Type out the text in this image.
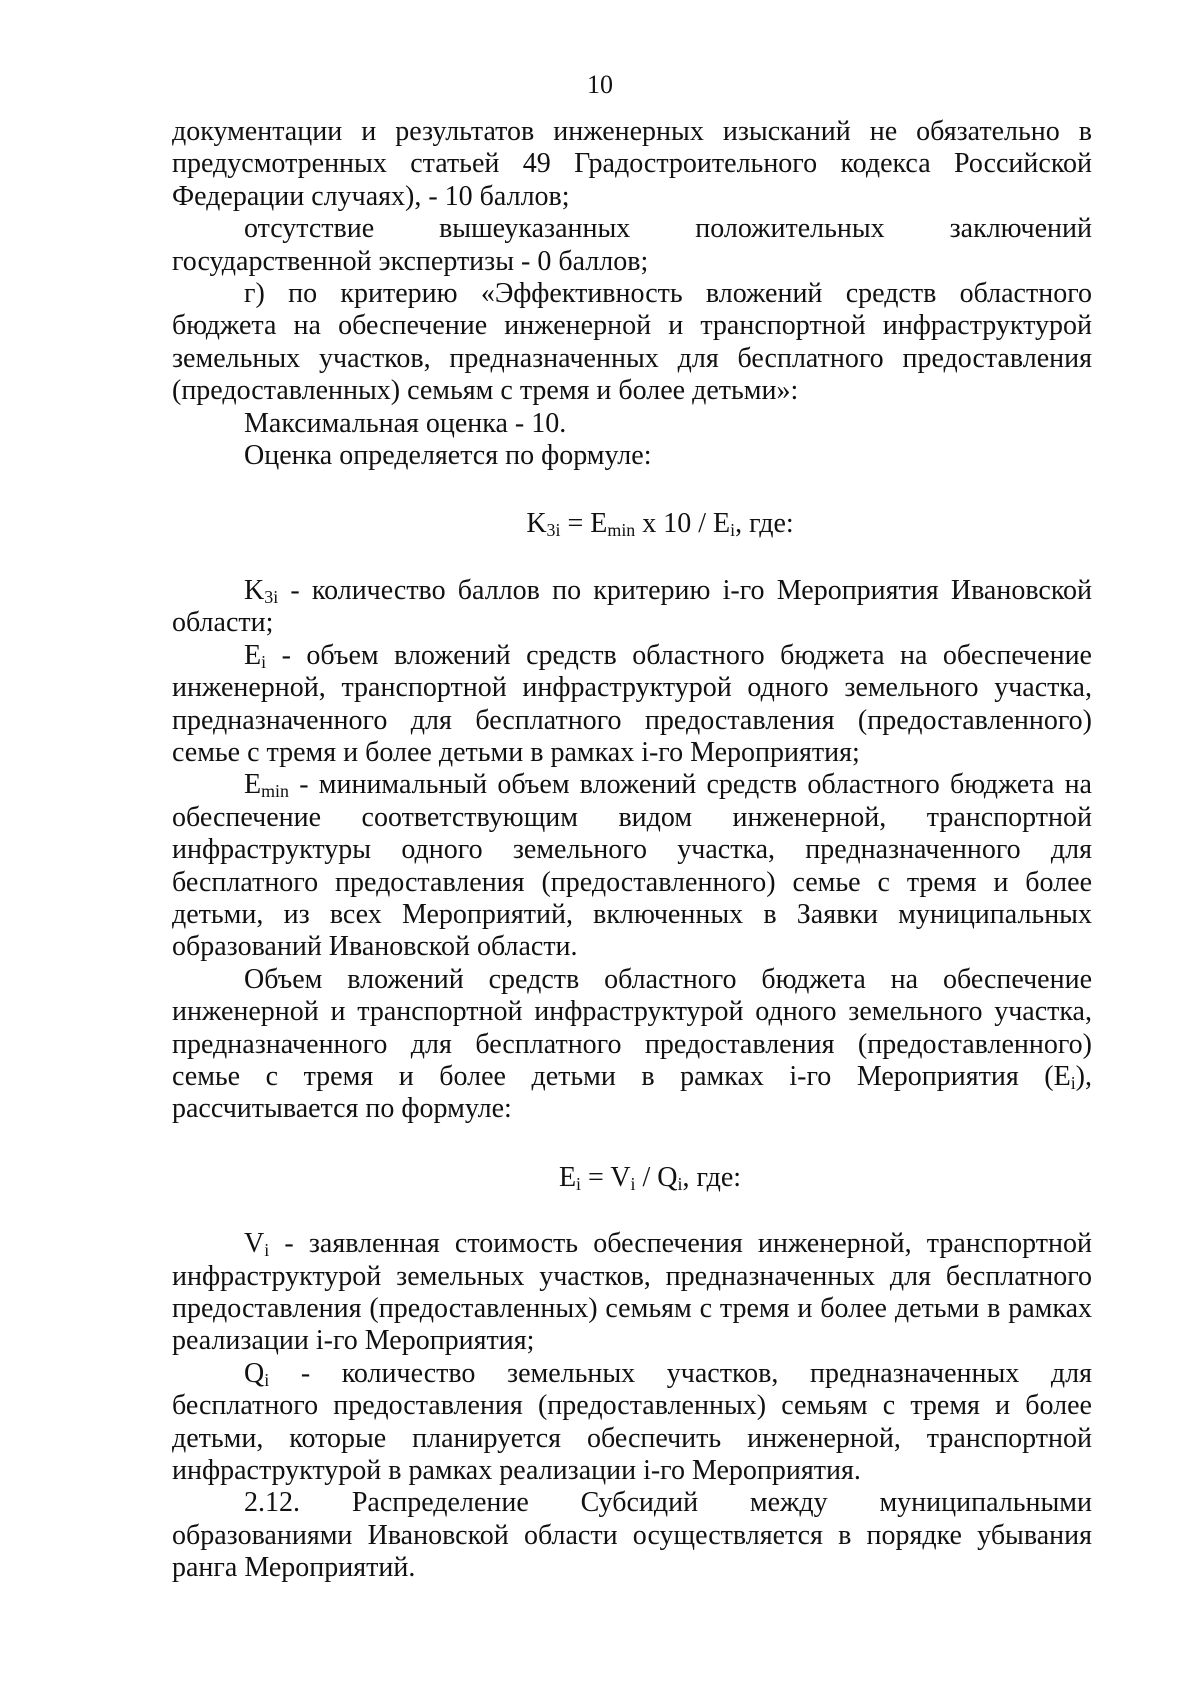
10

документации и результатов инженерных изысканий не обязательно в предусмотренных статьей 49 Градостроительного кодекса Российской Федерации случаях), - 10 баллов;

отсутствие вышеуказанных положительных заключений государственной экспертизы - 0 баллов;

г) по критерию «Эффективность вложений средств областного бюджета на обеспечение инженерной и транспортной инфраструктурой земельных участков, предназначенных для бесплатного предоставления (предоставленных) семьям с тремя и более детьми»:

Максимальная оценка - 10.

Оценка определяется по формуле:

$K_{3i} = E_{min}$ x $10 / E_i$, где:

$K_{3i}$ - количество баллов по критерию i-го Мероприятия Ивановской области;

$E_i$ - объем вложений средств областного бюджета на обеспечение инженерной, транспортной инфраструктурой одного земельного участка, предназначенного для бесплатного предоставления (предоставленного) семье с тремя и более детьми в рамках i-го Мероприятия;

$E_{min}$ - минимальный объем вложений средств областного бюджета на обеспечение соответствующим видом инженерной, транспортной инфраструктуры одного земельного участка, предназначенного для бесплатного предоставления (предоставленного) семье с тремя и более детьми, из всех Мероприятий, включенных в Заявки муниципальных образований Ивановской области.

Объем вложений средств областного бюджета на обеспечение инженерной и транспортной инфраструктурой одного земельного участка, предназначенного для бесплатного предоставления (предоставленного) семье с тремя и более детьми в рамках i-го Мероприятия $(E_i)$, рассчитывается по формуле:

$E_i = V_i / Q_i$, где:

$V_i$ - заявленная стоимость обеспечения инженерной, транспортной инфраструктурой земельных участков, предназначенных для бесплатного предоставления (предоставленных) семьям с тремя и более детьми в рамках реализации i-го Мероприятия;

$Q_i$ - количество земельных участков, предназначенных для бесплатного предоставления (предоставленных) семьям с тремя и более детьми, которые планируется обеспечить инженерной, транспортной инфраструктурой в рамках реализации i-го Мероприятия.

2.12. Распределение Субсидий между муниципальными образованиями Ивановской области осуществляется в порядке убывания ранга Мероприятий.
